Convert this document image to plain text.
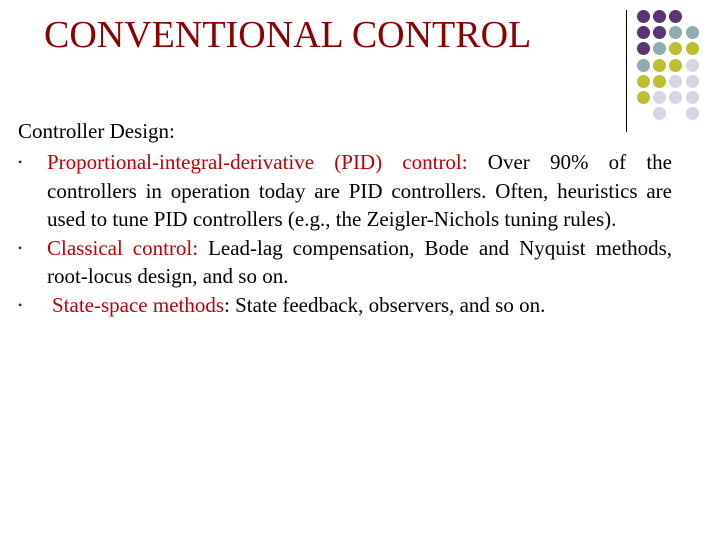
CONVENTIONAL CONTROL
Controller Design:
• Proportional-integral-derivative (PID) control: Over 90% of the controllers in operation today are PID controllers. Often, heuristics are used to tune PID controllers (e.g., the Zeigler-Nichols tuning rules).
• Classical control: Lead-lag compensation, Bode and Nyquist methods, root-locus design, and so on.
• State-space methods: State feedback, observers, and so on.
